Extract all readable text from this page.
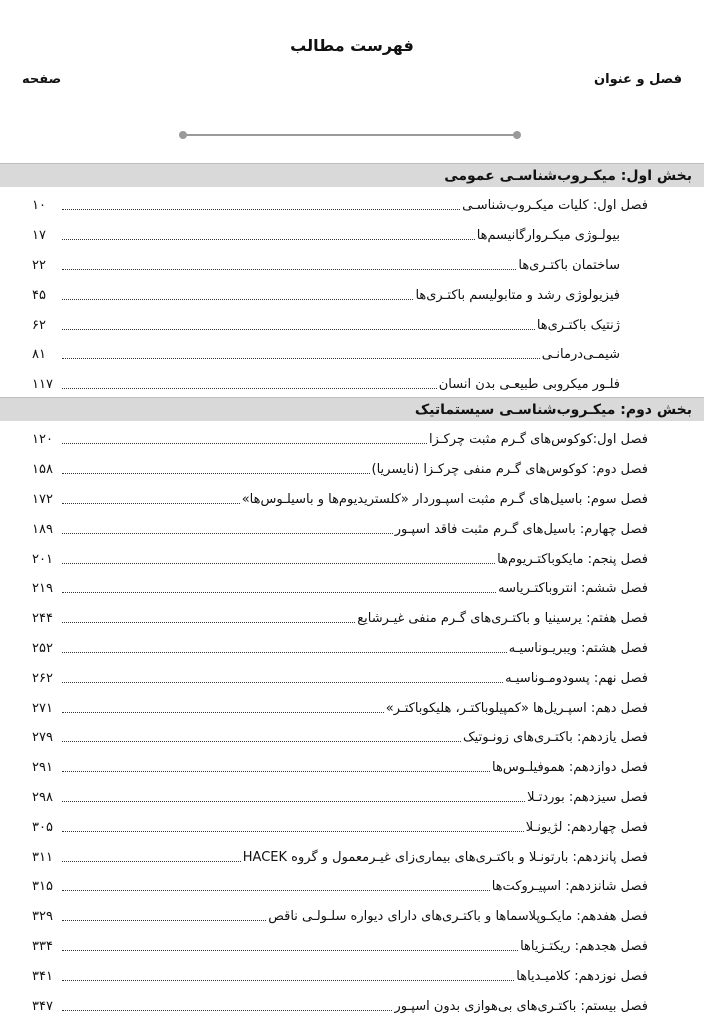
فهرست مطالب
فصل و عنوان
صفحه
بخش اول: میکـروب‌شناسـی عمومی
فصل اول: کلیات میکـروب‌شناسـی
۱۰
بیولـوژی میکـروارگانیسم‌ها
۱۷
ساختمان باکتـری‌ها
۲۲
فیزیولوژی رشد و متابولیسم باکتـری‌ها
۴۵
ژنتیک باکتـری‌ها
۶۲
شیمـی‌درمانـی
۸۱
فلـور میکروبی طبیعـی بدن انسان
۱۱۷
بخش دوم: میکـروب‌شناسـی سیستماتیک
فصل اول:کوکوس‌های گـرم مثبت چرکـزا
۱۲۰
فصل دوم: کوکوس‌های گـرم منفی چرکـزا (نایسریا)
۱۵۸
فصل سوم: باسیل‌های گـرم مثبت اسپـوردار «کلستریدیوم‌ها و باسیلـوس‌ها»
۱۷۲
فصل چهارم: باسیل‌های گـرم مثبت فاقد اسپـور
۱۸۹
فصل پنجم: مایکوباکتـریوم‌ها
۲۰۱
فصل ششم: انتروباکتـریاسه
۲۱۹
فصل هفتم: یرسینیا و باکتـری‌های گـرم منفی غیـرشایع
۲۴۴
فصل هشتم: ویبریـوناسیـه
۲۵۲
فصل نهم: پسودومـوناسیـه
۲۶۲
فصل دهم: اسپـریل‌ها «کمپیلوباکتـر، هلیکوباکتـر»
۲۷۱
فصل یازدهم: باکتـری‌های زونـوتیک
۲۷۹
فصل دوازدهم: هموفیلـوس‌ها
۲۹۱
فصل سیزدهم: بوردتـلا
۲۹۸
فصل چهاردهم: لژیونـلا
۳۰۵
فصل پانزدهم: بارتونـلا و باکتـری‌های بیماری‌زای غیـرمعمول و گروه HACEK
۳۱۱
فصل شانزدهم: اسپیـروکت‌ها
۳۱۵
فصل هفدهم: مایکـوپلاسماها و باکتـری‌های دارای دیواره سلـولـی ناقص
۳۲۹
فصل هجدهم: ریکتـزیاها
۳۳۴
فصل نوزدهم: کلامیـدیاها
۳۴۱
فصل بیستم: باکتـری‌های بی‌هوازی بدون اسپـور
۳۴۷
